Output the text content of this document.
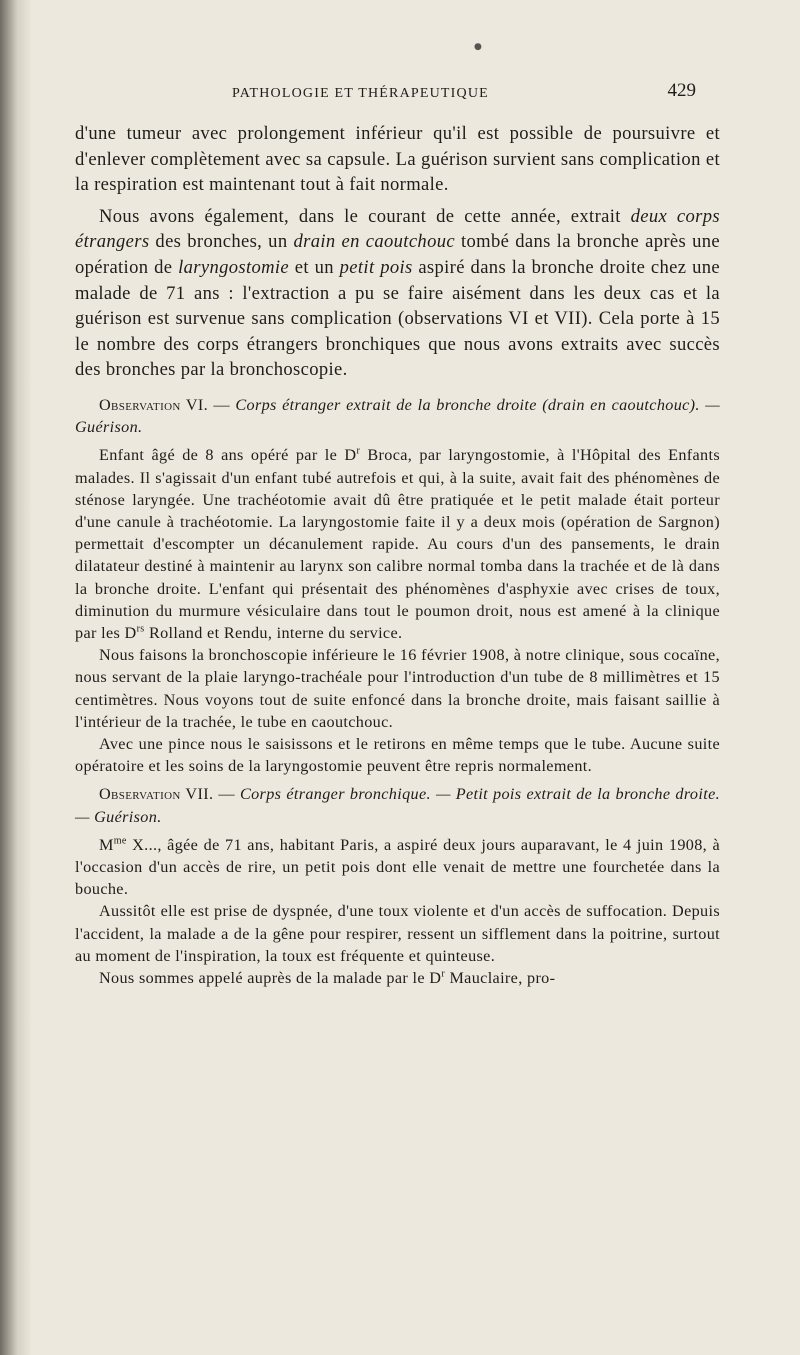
●
PATHOLOGIE ET THÉRAPEUTIQUE	429

d'une tumeur avec prolongement inférieur qu'il est possible de poursuivre et d'enlever complètement avec sa capsule. La guérison survient sans complication et la respiration est maintenant tout à fait normale.

Nous avons également, dans le courant de cette année, extrait deux corps étrangers des bronches, un drain en caoutchouc tombé dans la bronche après une opération de laryngostomie et un petit pois aspiré dans la bronche droite chez une malade de 71 ans : l'extraction a pu se faire aisément dans les deux cas et la guérison est survenue sans complication (observations VI et VII). Cela porte à 15 le nombre des corps étrangers bronchiques que nous avons extraits avec succès des bronches par la bronchoscopie.

Observation VI. — Corps étranger extrait de la bronche droite (drain en caoutchouc). — Guérison.

Enfant âgé de 8 ans opéré par le $D^r$ Broca, par laryngostomie, à l'Hôpital des Enfants malades. Il s'agissait d'un enfant tubé autrefois et qui, à la suite, avait fait des phénomènes de sténose laryngée. Une trachéotomie avait dû être pratiquée et le petit malade était porteur d'une canule à trachéotomie. La laryngostomie faite il y a deux mois (opération de Sargnon) permettait d'escompter un décanulement rapide. Au cours d'un des pansements, le drain dilatateur destiné à maintenir au larynx son calibre normal tomba dans la trachée et de là dans la bronche droite. L'enfant qui présentait des phénomènes d'asphyxie avec crises de toux, diminution du murmure vésiculaire dans tout le poumon droit, nous est amené à la clinique par les $D^{rs}$ Rolland et Rendu, interne du service.

Nous faisons la bronchoscopie inférieure le 16 février 1908, à notre clinique, sous cocaïne, nous servant de la plaie laryngo-trachéale pour l'introduction d'un tube de 8 millimètres et 15 centimètres. Nous voyons tout de suite enfoncé dans la bronche droite, mais faisant saillie à l'intérieur de la trachée, le tube en caoutchouc.

Avec une pince nous le saisissons et le retirons en même temps que le tube. Aucune suite opératoire et les soins de la laryngostomie peuvent être repris normalement.

Observation VII. — Corps étranger bronchique. — Petit pois extrait de la bronche droite. — Guérison.

$M^{me}$ X..., âgée de 71 ans, habitant Paris, a aspiré deux jours auparavant, le 4 juin 1908, à l'occasion d'un accès de rire, un petit pois dont elle venait de mettre une fourchetée dans la bouche.

Aussitôt elle est prise de dyspnée, d'une toux violente et d'un accès de suffocation. Depuis l'accident, la malade a de la gêne pour respirer, ressent un sifflement dans la poitrine, surtout au moment de l'inspiration, la toux est fréquente et quinteuse.

Nous sommes appelé auprès de la malade par le $D^r$ Mauclaire, pro-
